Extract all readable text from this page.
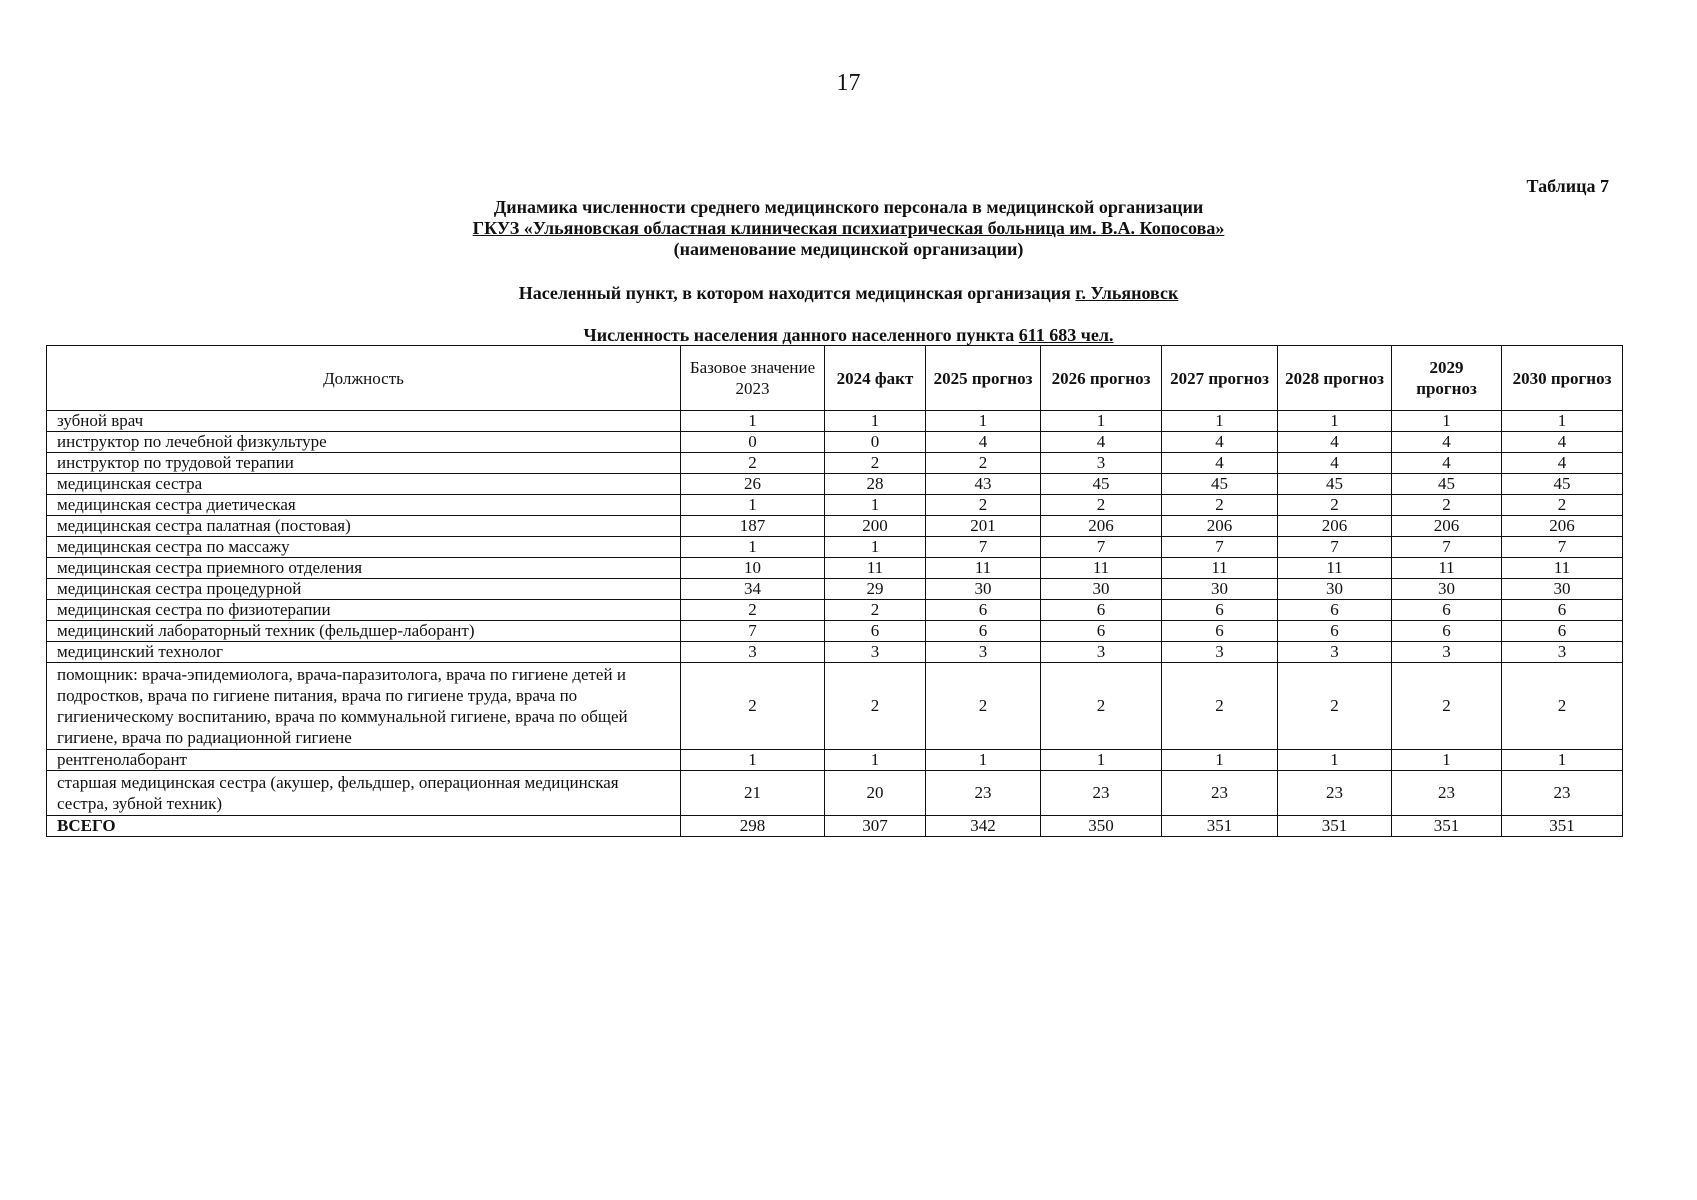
17
Таблица 7
Динамика численности среднего медицинского персонала в медицинской организации
ГКУЗ «Ульяновская областная клиническая психиатрическая больница им. В.А. Копосова»
(наименование медицинской организации)
Населенный пункт, в котором находится медицинская организация г. Ульяновск
Численность населения данного населенного пункта 611 683 чел.
Должность	Базовое значение 2023	2024 факт	2025 прогноз	2026 прогноз	2027 прогноз	2028 прогноз	2029 прогноз	2030 прогноз
зубной врач	1	1	1	1	1	1	1	1
инструктор по лечебной физкультуре	0	0	4	4	4	4	4	4
инструктор по трудовой терапии	2	2	2	3	4	4	4	4
медицинская сестра	26	28	43	45	45	45	45	45
медицинская сестра диетическая	1	1	2	2	2	2	2	2
медицинская сестра палатная (постовая)	187	200	201	206	206	206	206	206
медицинская сестра по массажу	1	1	7	7	7	7	7	7
медицинская сестра приемного отделения	10	11	11	11	11	11	11	11
медицинская сестра процедурной	34	29	30	30	30	30	30	30
медицинская сестра по физиотерапии	2	2	6	6	6	6	6	6
медицинский лабораторный техник (фельдшер-лаборант)	7	6	6	6	6	6	6	6
медицинский технолог	3	3	3	3	3	3	3	3
помощник: врача-эпидемиолога, врача-паразитолога, врача по гигиене детей и подростков, врача по гигиене питания, врача по гигиене труда, врача по гигиеническому воспитанию, врача по коммунальной гигиене, врача по общей гигиене, врача по радиационной гигиене	2	2	2	2	2	2	2	2
рентгенолаборант	1	1	1	1	1	1	1	1
старшая медицинская сестра (акушер, фельдшер, операционная медицинская сестра, зубной техник)	21	20	23	23	23	23	23	23
ВСЕГО	298	307	342	350	351	351	351	351
